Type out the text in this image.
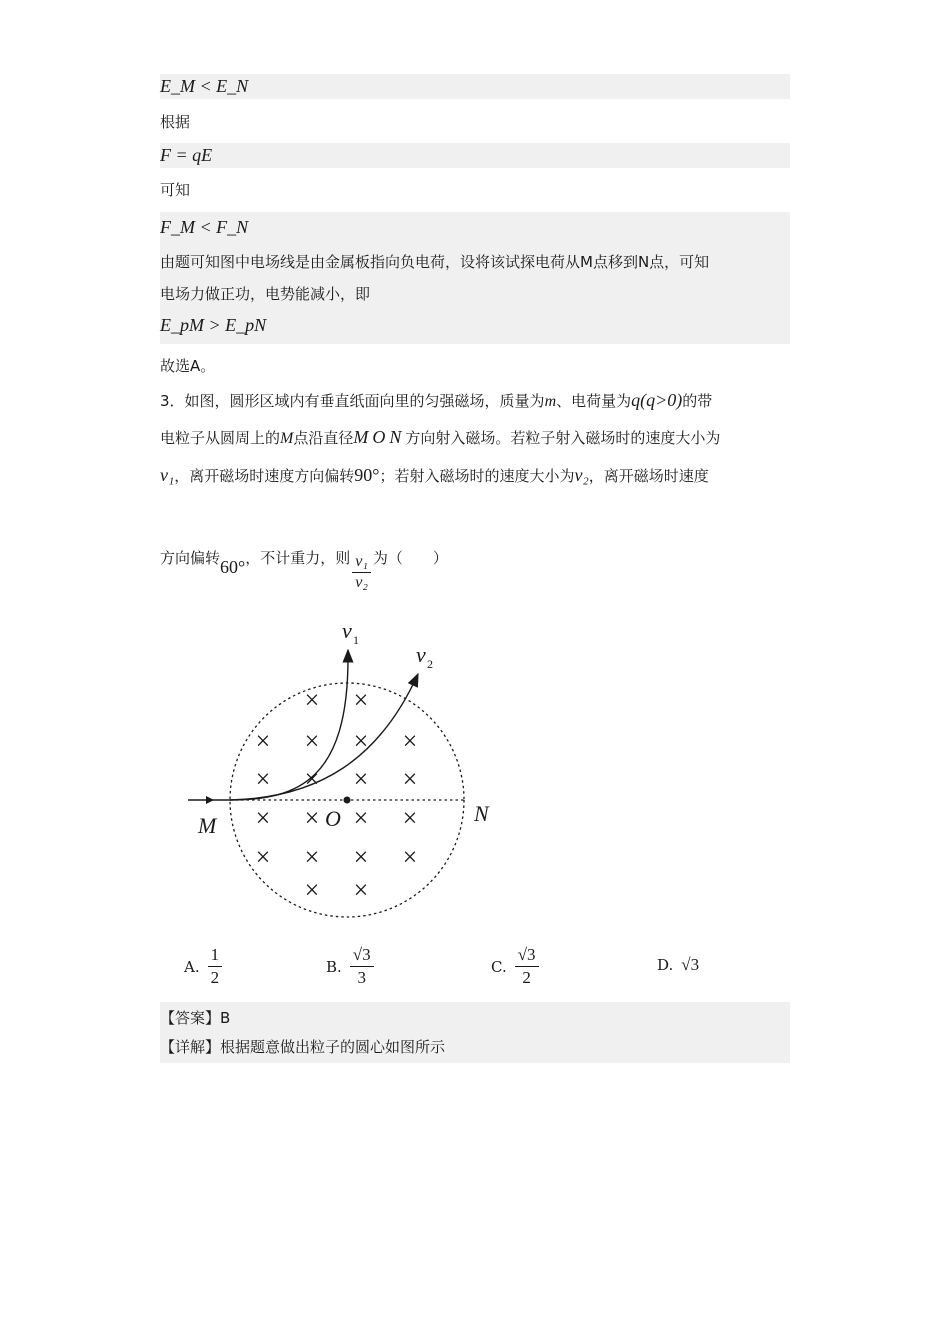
E_M < E_N
根据
F = qE
可知
F_M < F_N
由题可知图中电场线是由金属板指向负电荷，设将该试探电荷从M点移到N点，可知
电场力做正功，电势能减小，即
E_pM > E_pN
故选A。
3．如图，圆形区域内有垂直纸面向里的匀强磁场，质量为m、电荷量为q(q>0)的带
电粒子从圆周上的M点沿直径MON方向射入磁场。若粒子射入磁场时的速度大小为
v₁，离开磁场时速度方向偏转90°；若射入磁场时的速度大小为v₂，离开磁场时速度
方向偏转60°，不计重力，则 $\frac{\text{v₁}}{\text{v₂}}$ 为（　　）
× ×
× × × ×
× × × ×
× × × ×
× × × ×
× ×
v 1
v 2
M	N
O
A. $\frac{1}{2}$	B. $\frac{√3}{3}$	C. $\frac{√3}{2}$	D. √3
【答案】B
【详解】根据题意做出粒子的圆心如图所示
